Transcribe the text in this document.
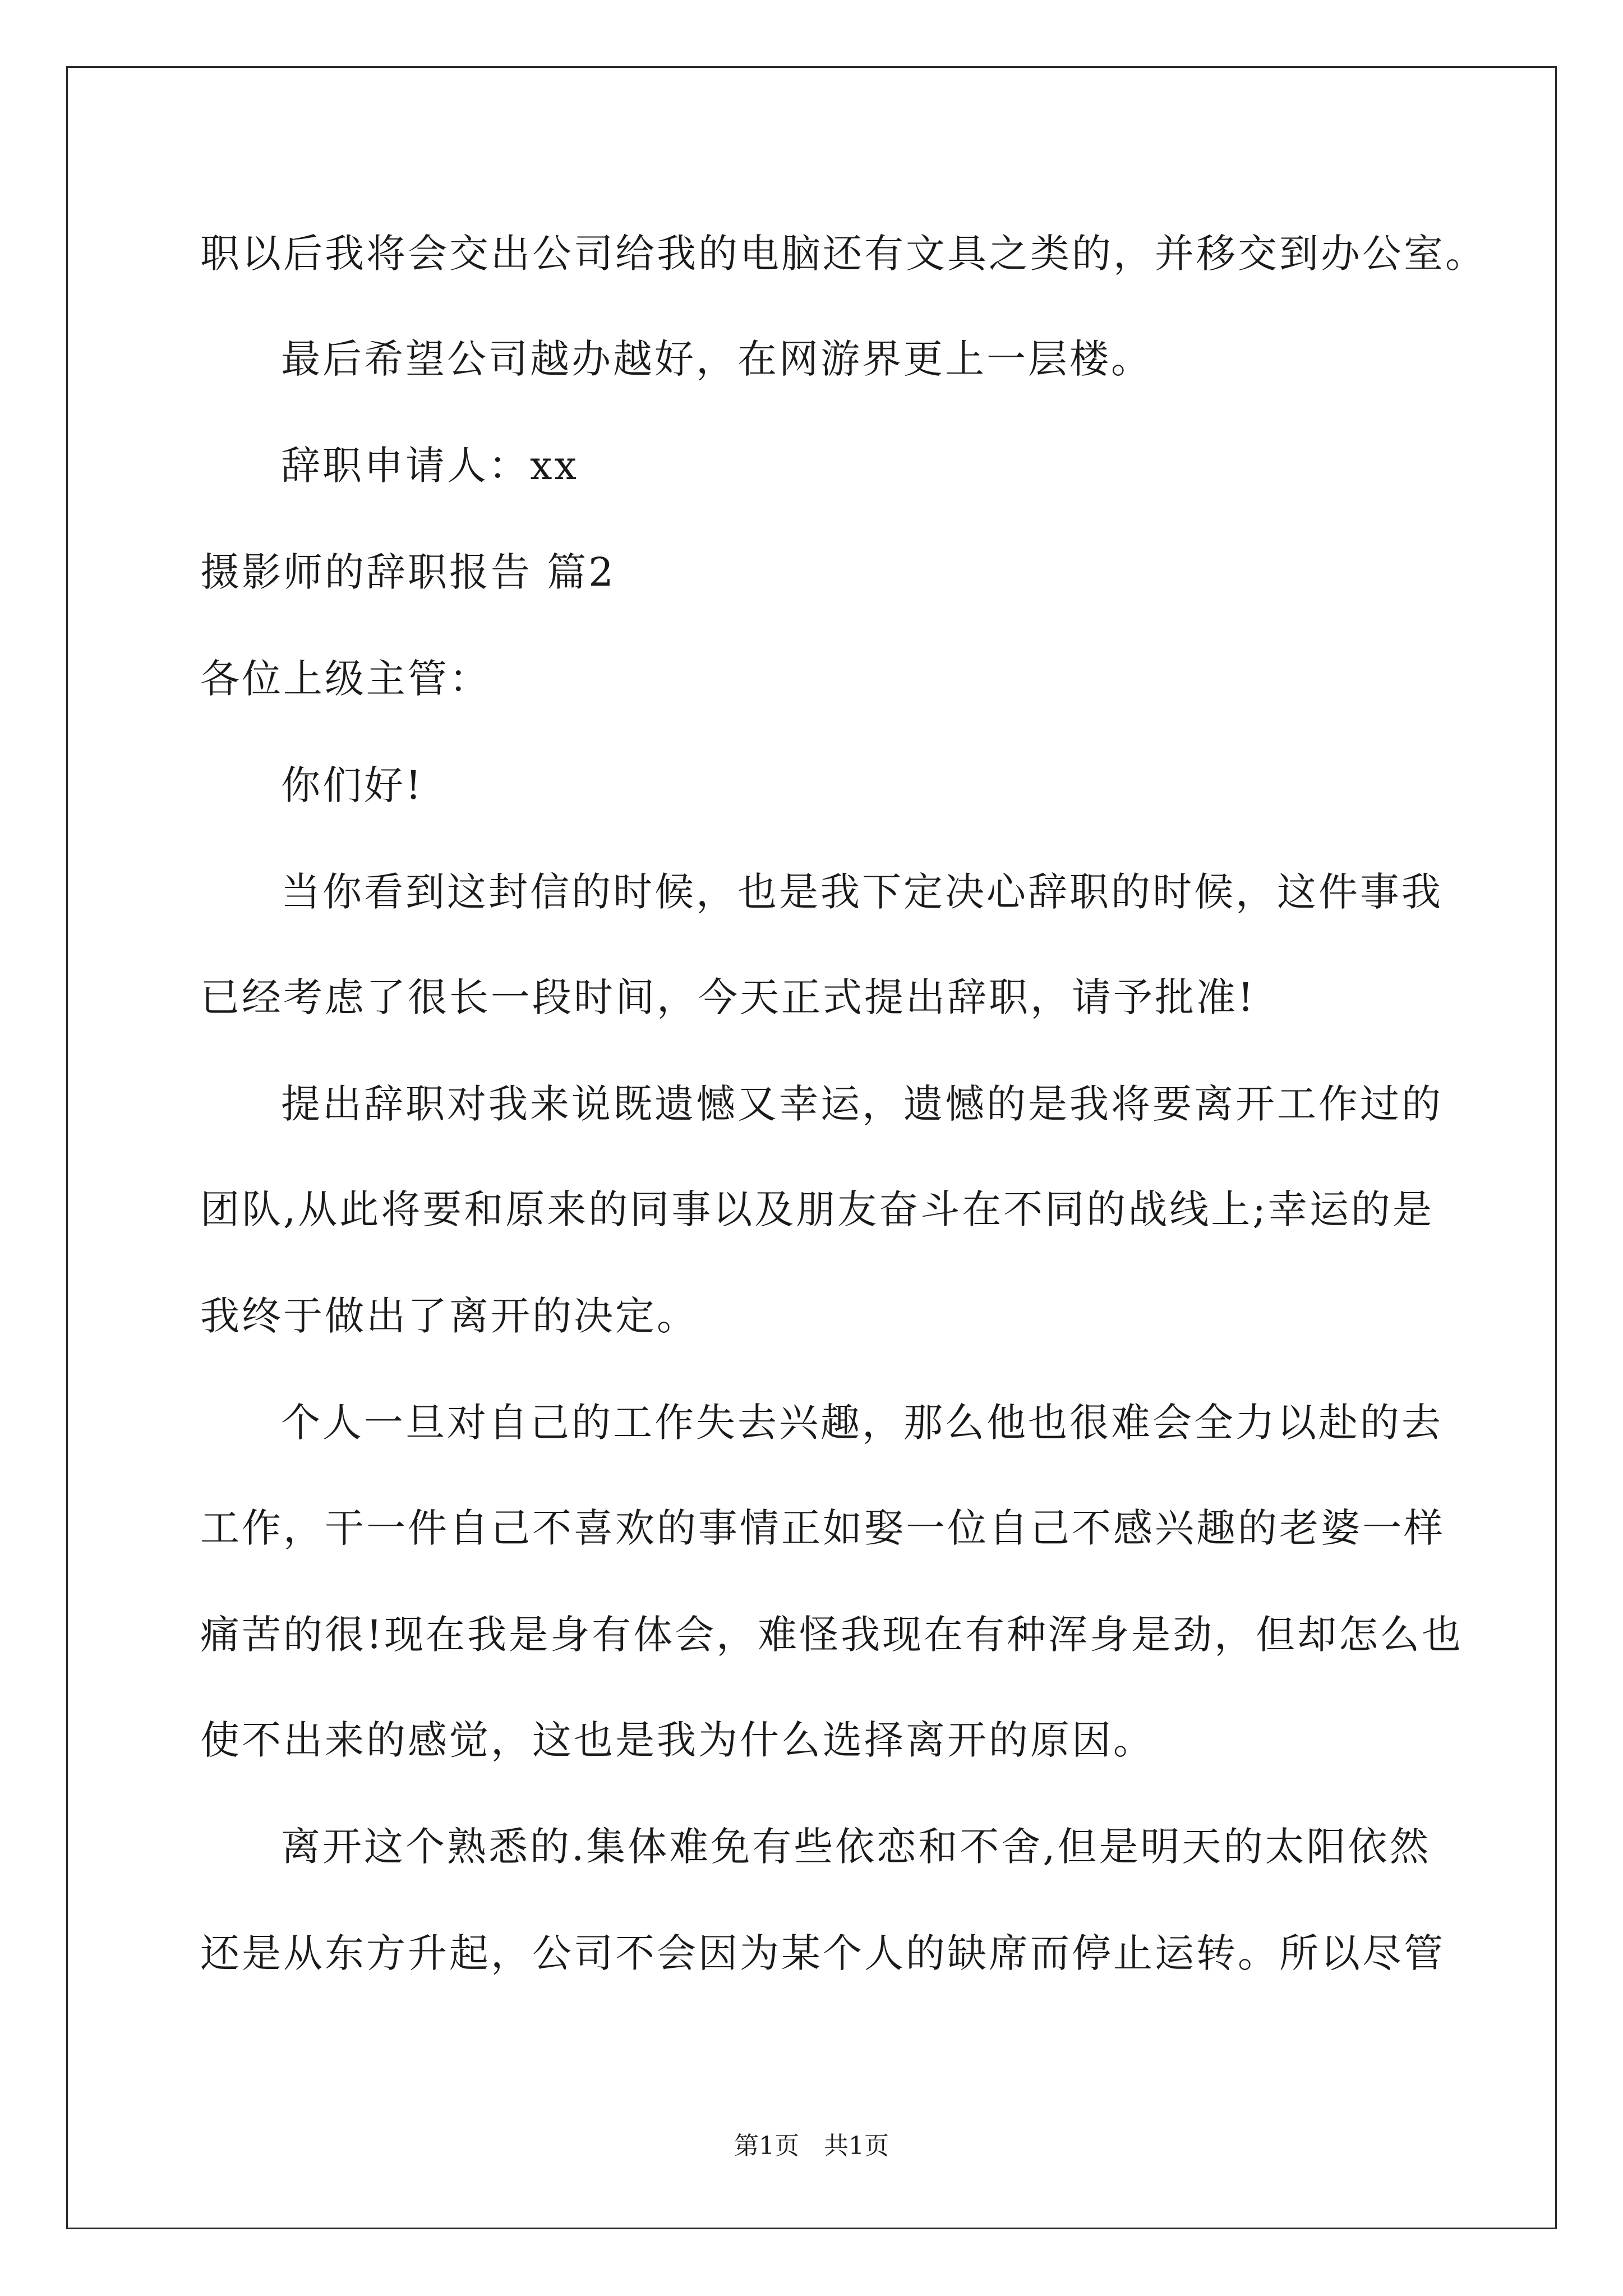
职以后我将会交出公司给我的电脑还有文具之类的，并移交到办公室。
最后希望公司越办越好，在网游界更上一层楼。
辞职申请人：xx
摄影师的辞职报告 篇2
各位上级主管：
你们好!
当你看到这封信的时候，也是我下定决心辞职的时候，这件事我
已经考虑了很长一段时间，今天正式提出辞职，请予批准!
提出辞职对我来说既遗憾又幸运，遗憾的是我将要离开工作过的
团队,从此将要和原来的同事以及朋友奋斗在不同的战线上;幸运的是
我终于做出了离开的决定。
个人一旦对自己的工作失去兴趣，那么他也很难会全力以赴的去
工作，干一件自己不喜欢的事情正如娶一位自己不感兴趣的老婆一样
痛苦的很!现在我是身有体会，难怪我现在有种浑身是劲，但却怎么也
使不出来的感觉，这也是我为什么选择离开的原因。
离开这个熟悉的.集体难免有些依恋和不舍,但是明天的太阳依然
还是从东方升起，公司不会因为某个人的缺席而停止运转。所以尽管
第1页　共1页
